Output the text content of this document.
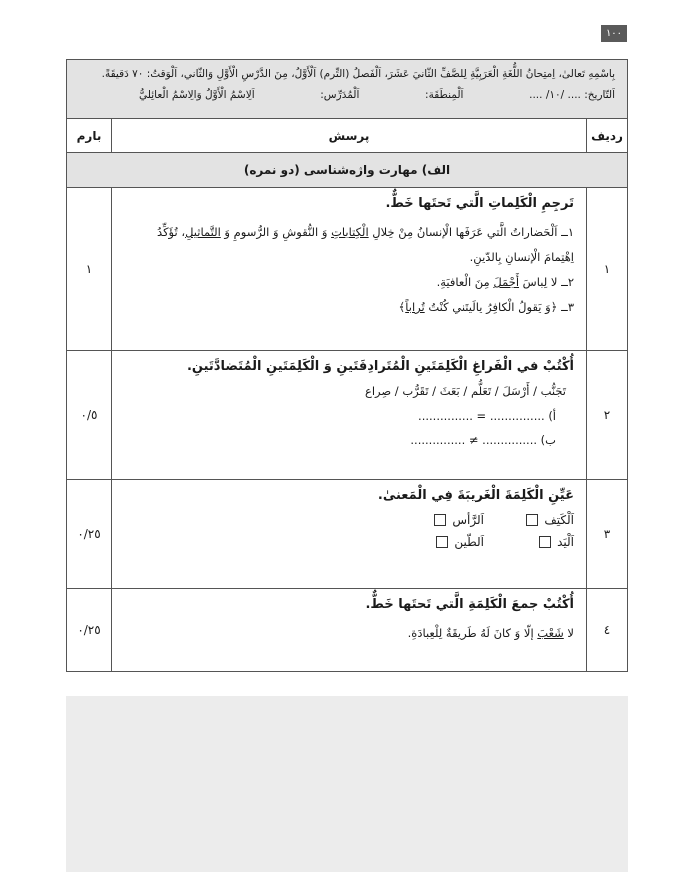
١٠٠
بِاسْمِهِ تَعالیٰ، اِمتِحانُ اللُّغَةِ الْعَرَبِيَّةِ لِلصَّفِّ الثّانيَ عَشَرَ، اَلْفَصلُ (التِّرم) اَلْأَوَّلُ، مِنَ الدَّرْسِ الْأَوَّلِ وَالثّاني، اَلْوَقتُ: ٧٠ دَقيقَةً.
اَلتّاريخ: .... /١٠/ ....
اَلْمِنطَقَة:
اَلْمُدَرِّس:
اَلِاسْمُ الْأَوَّلُ وَالِاسْمُ الْعائِليُّ
ردیف
پرسش
بارم
الف) مهارت واژه‌شناسی (دو نمره)
١
تَرجِمِ الْكَلِماتِ الَّتي تَحتَها خَطٌّ.
١ــ اَلْحَضاراتُ الَّتي عَرَفَها الْإنسانُ مِنْ خِلالِ الْكِتاباتِ وَ النُّقوشِ وَ الرُّسومِ وَ التَّماثيلِ، تُؤَكِّدُ
اِهْتِمامَ الْإنسانِ بِالدّينِ.
٢ــ لا لِباسَ أَجْمَلَ مِنَ الْعافيَةِ.
٣ــ ﴿وَ يَقولُ الْكافِرُ يالَيتَني كُنْتُ تُراباً﴾
١
٢
أُكْتُبْ في الْفَراغِ الْكَلِمَتَينِ الْمُتَرادِفَتَينِ وَ الْكَلِمَتَينِ الْمُتَضادَّتَينِ.
تَجَنُّب / أَرْسَلَ / تَعَلُّم / بَعَثَ / تَقَرُّب / صِراع
أ) ............... = ...............
ب) ............... ≠ ...............
٠/٥
٣
عَيِّنِ الْكَلِمَةَ الْغَريبَةَ فِي الْمَعنىٰ.
اَلْكَتِف
اَلرَّأس
اَلْيَد
اَلطّين
٠/٢٥
٤
أُكْتُبْ جمعَ الْكَلِمَةِ الَّتي تَحتَها خَطٌّ.
لا شَعْبَ إلّا وَ كانَ لَهُ طَريقَةٌ لِلْعِبادَةِ.
٠/٢٥
